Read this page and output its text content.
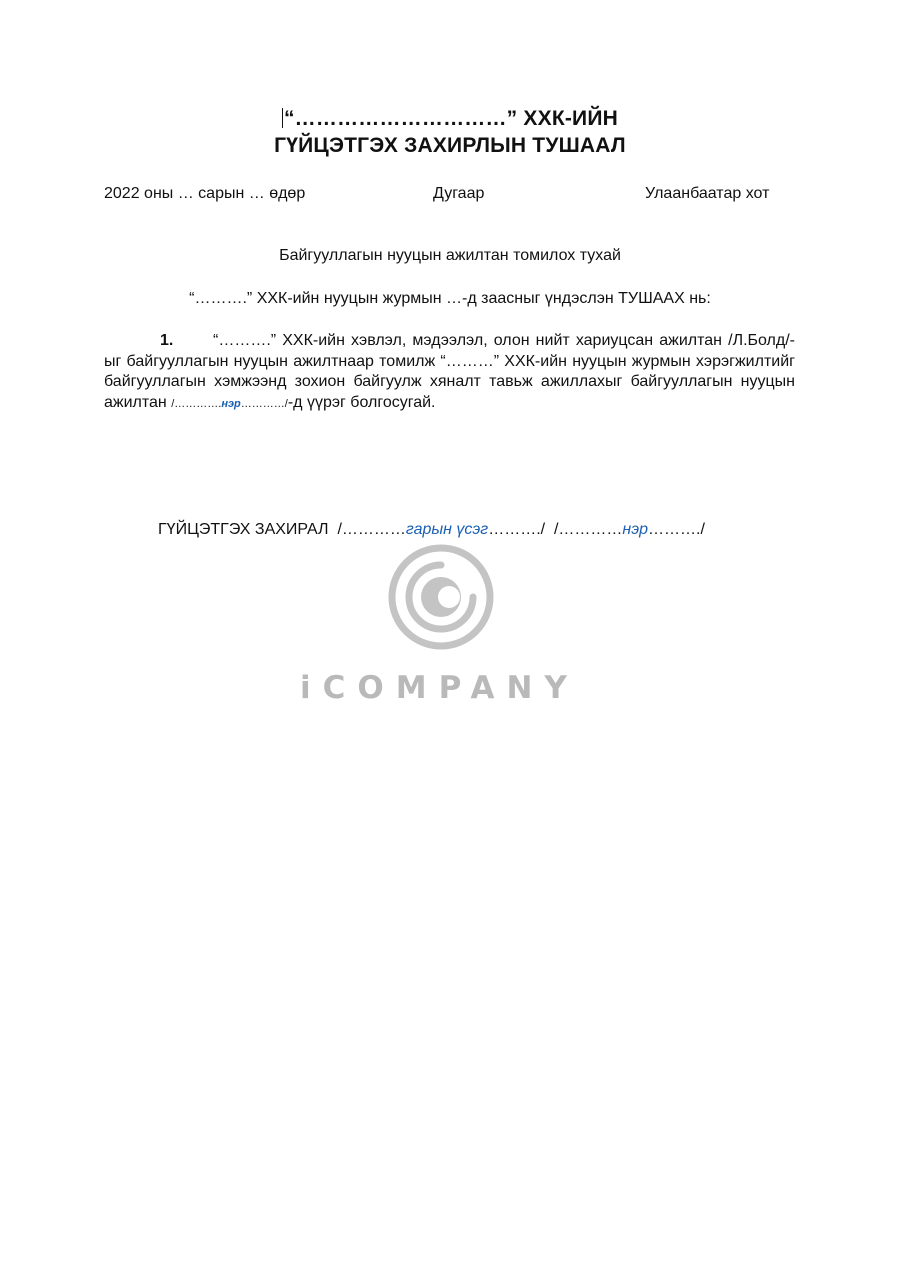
“…………………………” ХХК-ИЙН
ГҮЙЦЭТГЭХ ЗАХИРЛЫН ТУШААЛ
2022 оны … сарын … өдөр	Дугаар	Улаанбаатар хот
Байгууллагын нууцын ажилтан томилох тухай
“……….” ХХК-ийн нууцын журмын …-д заасныг үндэслэн ТУШААХ нь:
1. “……….” ХХК-ийн хэвлэл, мэдээлэл, олон нийт хариуцсан ажилтан /Л.Болд/-ыг байгууллагын нууцын ажилтнаар томилж “………” ХХК-ийн нууцын журмын хэрэгжилтийг байгууллагын хэмжээнд зохион байгуулж хяналт тавьж ажиллахыг байгууллагын нууцын ажилтан /………….нэр…………/-д үүрэг болгосугай.
ГҮЙЦЭТГЭХ ЗАХИРАЛ /…………гарын үсэг………./ /…………нэр………./
iCOMPANY
